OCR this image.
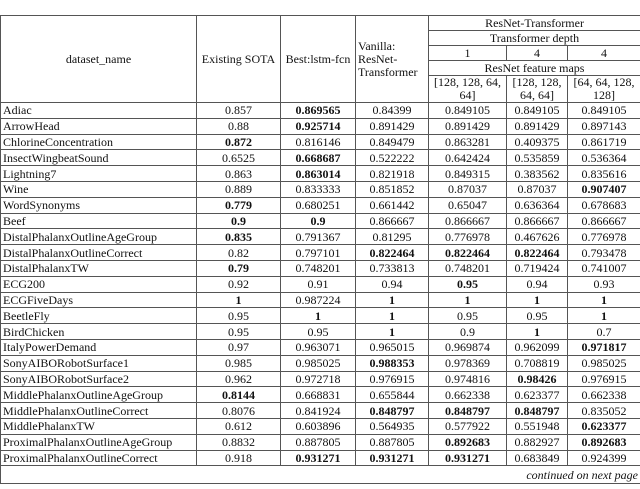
dataset_name	Existing SOTA	Best:lstm-fcn	Vanilla: ResNet-Transformer	ResNet-Transformer		
				Transformer depth		
				1	4	4
				ResNet feature maps		
				[128, 128, 64, 64]	[128, 128, 64, 64]	[64, 64, 128, 128]
Adiac	0.857	0.869565	0.84399	0.849105	0.849105	0.849105
ArrowHead	0.88	0.925714	0.891429	0.891429	0.891429	0.897143
ChlorineConcentration	0.872	0.816146	0.849479	0.863281	0.409375	0.861719
InsectWingbeatSound	0.6525	0.668687	0.522222	0.642424	0.535859	0.536364
Lightning7	0.863	0.863014	0.821918	0.849315	0.383562	0.835616
Wine	0.889	0.833333	0.851852	0.87037	0.87037	0.907407
WordSynonyms	0.779	0.680251	0.661442	0.65047	0.636364	0.678683
Beef	0.9	0.9	0.866667	0.866667	0.866667	0.866667
DistalPhalanxOutlineAgeGroup	0.835	0.791367	0.81295	0.776978	0.467626	0.776978
DistalPhalanxOutlineCorrect	0.82	0.797101	0.822464	0.822464	0.822464	0.793478
DistalPhalanxTW	0.79	0.748201	0.733813	0.748201	0.719424	0.741007
ECG200	0.92	0.91	0.94	0.95	0.94	0.93
ECGFiveDays	1	0.987224	1	1	1	1
BeetleFly	0.95	1	1	0.95	0.95	1
BirdChicken	0.95	0.95	1	0.9	1	0.7
ItalyPowerDemand	0.97	0.963071	0.965015	0.969874	0.962099	0.971817
SonyAIBORobotSurface1	0.985	0.985025	0.988353	0.978369	0.708819	0.985025
SonyAIBORobotSurface2	0.962	0.972718	0.976915	0.974816	0.98426	0.976915
MiddlePhalanxOutlineAgeGroup	0.8144	0.668831	0.655844	0.662338	0.623377	0.662338
MiddlePhalanxOutlineCorrect	0.8076	0.841924	0.848797	0.848797	0.848797	0.835052
MiddlePhalanxTW	0.612	0.603896	0.564935	0.577922	0.551948	0.623377
ProximalPhalanxOutlineAgeGroup	0.8832	0.887805	0.887805	0.892683	0.882927	0.892683
ProximalPhalanxOutlineCorrect	0.918	0.931271	0.931271	0.931271	0.683849	0.924399
continued on next page						
